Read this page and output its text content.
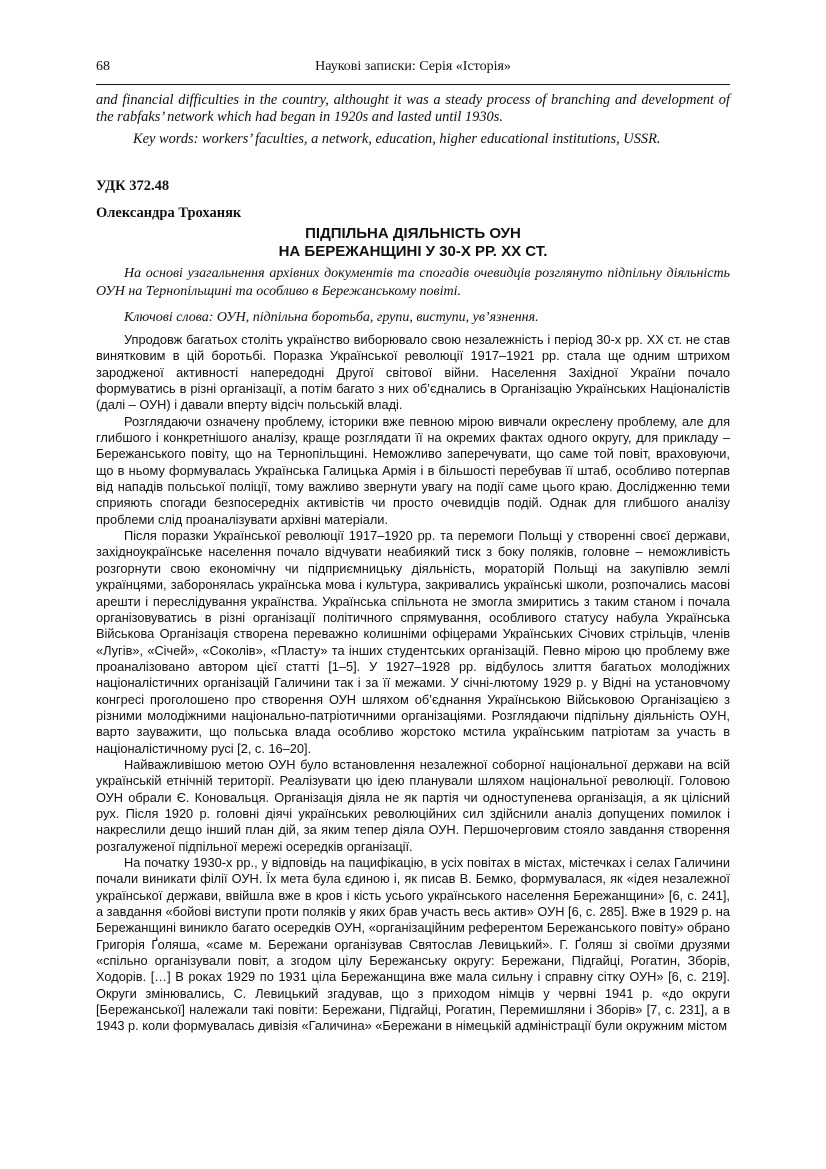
68	Наукові записки: Серія «Історія»
and financial difficulties in the country, althought it was a steady process of branching and development of the rabfaks’ network which had began in 1920s and lasted until 1930s.
Key words: workers’ faculties, a network, education, higher educational institutions, USSR.
УДК 372.48
Олександра Троханяк
ПІДПІЛЬНА ДІЯЛЬНІСТЬ ОУН
НА БЕРЕЖАНЩИНІ У 30-Х РР. ХХ СТ.
На основі узагальнення архівних документів та спогадів очевидців розглянуто підпільну діяльність ОУН на Тернопільщині та особливо в Бережанському повіті.
Ключові слова: ОУН, підпільна боротьба, групи, виступи, ув’язнення.

Упродовж багатьох століть українство виборювало свою незалежність і період 30-х рр. ХХ ст. не став винятковим в цій боротьбі. Поразка Української революції 1917–1921 рр. стала ще одним штрихом зародженої активності напередодні Другої світової війни. Населення Західної України почало формуватись в різні організації, а потім багато з них об’єднались в Організацію Українських Націоналістів (далі – ОУН) і давали вперту відсіч польській владі.

Розглядаючи означену проблему, історики вже певною мірою вивчали окреслену проблему, але для глибшого і конкретнішого аналізу, краще розглядати її на окремих фактах одного округу, для прикладу – Бережанського повіту, що на Тернопільщині. Неможливо заперечувати, що саме той повіт, враховуючи, що в ньому формувалась Українська Галицька Армія і в більшості перебував її штаб, особливо потерпав від нападів польської поліції, тому важливо звернути увагу на події саме цього краю. Дослідженню теми сприяють спогади безпосередніх активістів чи просто очевидців подій. Однак для глибшого аналізу проблеми слід проаналізувати архівні матеріали.

Після поразки Української революції 1917–1920 рр. та перемоги Польщі у створенні своєї держави, західноукраїнське населення почало відчувати неабиякий тиск з боку поляків, головне – неможливість розгорнути свою економічну чи підприємницьку діяльність, мораторій Польщі на закупівлю землі українцями, заборонялась українська мова і культура, закривались українські школи, розпочались масові арешти і переслідування українства. Українська спільнота не змогла змиритись з таким станом і почала організовуватись в різні організації політичного спрямування, особливого статусу набула Українська Військова Організація створена переважно колишніми офіцерами Українських Січових стрільців, членів «Лугів», «Січей», «Соколів», «Пласту» та інших студентських організацій. Певно мірою цю проблему вже проаналізовано автором цієї статті [1–5]. У 1927–1928 рр. відбулось злиття багатьох молодіжних націоналістичних організацій Галичини так і за її межами. У січні-лютому 1929 р. у Відні на установчому конгресі проголошено про створення ОУН шляхом об’єднання Українською Військовою Організацією з різними молодіжними національно-патріотичними організаціями. Розглядаючи підпільну діяльність ОУН, варто зауважити, що польська влада особливо жорстоко мстила українським патріотам за участь в націоналістичному русі [2, с. 16–20].

Найважливішою метою ОУН було встановлення незалежної соборної національної держави на всій українській етнічній території. Реалізувати цю ідею планували шляхом національної революції. Головою ОУН обрали Є. Коновальця. Організація діяла не як партія чи одноступенева організація, а як цілісний рух. Після 1920 р. головні діячі українських революційних сил здійснили аналіз допущених помилок і накреслили дещо інший план дій, за яким тепер діяла ОУН. Першочерговим стояло завдання створення розгалуженої підпільної мережі осередків організації.

На початку 1930-х рр., у відповідь на пацифікацію, в усіх повітах в містах, містечках і селах Галичини почали виникати філії ОУН. Їх мета була єдиною і, як писав В. Бемко, формувалася, як «ідея незалежної української держави, ввійшла вже в кров і кість усього українського населення Бережанщини» [6, с. 241], а завдання «бойові виступи проти поляків у яких брав участь весь актив» ОУН [6, с. 285]. Вже в 1929 р. на Бережанщині виникло багато осередків ОУН, «організаційним референтом Бережанського повіту» обрано Григорія Ґоляша, «саме м. Бережани організував Святослав Левицький». Г. Ґоляш зі своїми друзями «спільно організували повіт, а згодом цілу Бережанську округу: Бережани, Підгайці, Рогатин, Зборів, Ходорів. […] В роках 1929 по 1931 ціла Бережанщина вже мала сильну і справну сітку ОУН» [6, с. 219]. Округи змінювались, С. Левицький згадував, що з приходом німців у червні 1941 р. «до округи [Бережанської] належали такі повіти: Бережани, Підгайці, Рогатин, Перемишляни і Зборів» [7, с. 231], а в 1943 р. коли формувалась дивізія «Галичина» «Бережани в німецькій адміністрації були окружним містом
